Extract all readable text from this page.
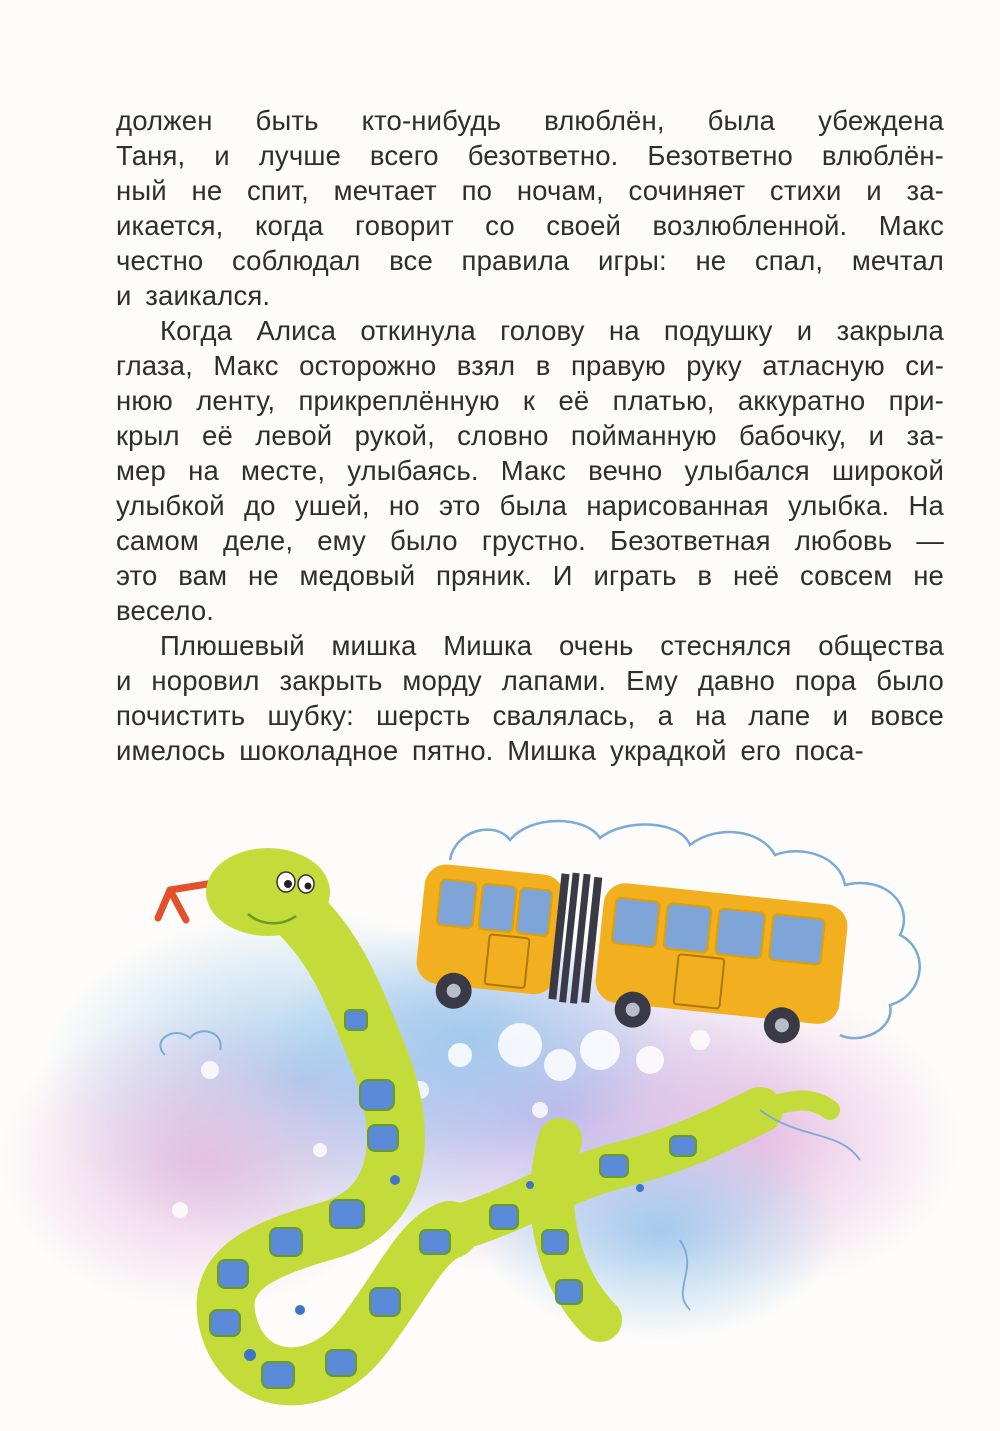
должен быть кто-нибудь влюблён, была убеждена
Таня, и лучше всего безответно. Безответно влюблён-
ный не спит, мечтает по ночам, сочиняет стихи и за-
икается, когда говорит со своей возлюбленной. Макс
честно соблюдал все правила игры: не спал, мечтал
и заикался.
Когда Алиса откинула голову на подушку и закрыла
глаза, Макс осторожно взял в правую руку атласную си-
нюю ленту, прикреплённую к её платью, аккуратно при-
крыл её левой рукой, словно пойманную бабочку, и за-
мер на месте, улыбаясь. Макс вечно улыбался широкой
улыбкой до ушей, но это была нарисованная улыбка. На
самом деле, ему было грустно. Безответная любовь —
это вам не медовый пряник. И играть в неё совсем не
весело.
Плюшевый мишка Мишка очень стеснялся общества
и норовил закрыть морду лапами. Ему давно пора было
почистить шубку: шерсть свалялась, а на лапе и вовсе
имелось шоколадное пятно. Мишка украдкой его поса-
